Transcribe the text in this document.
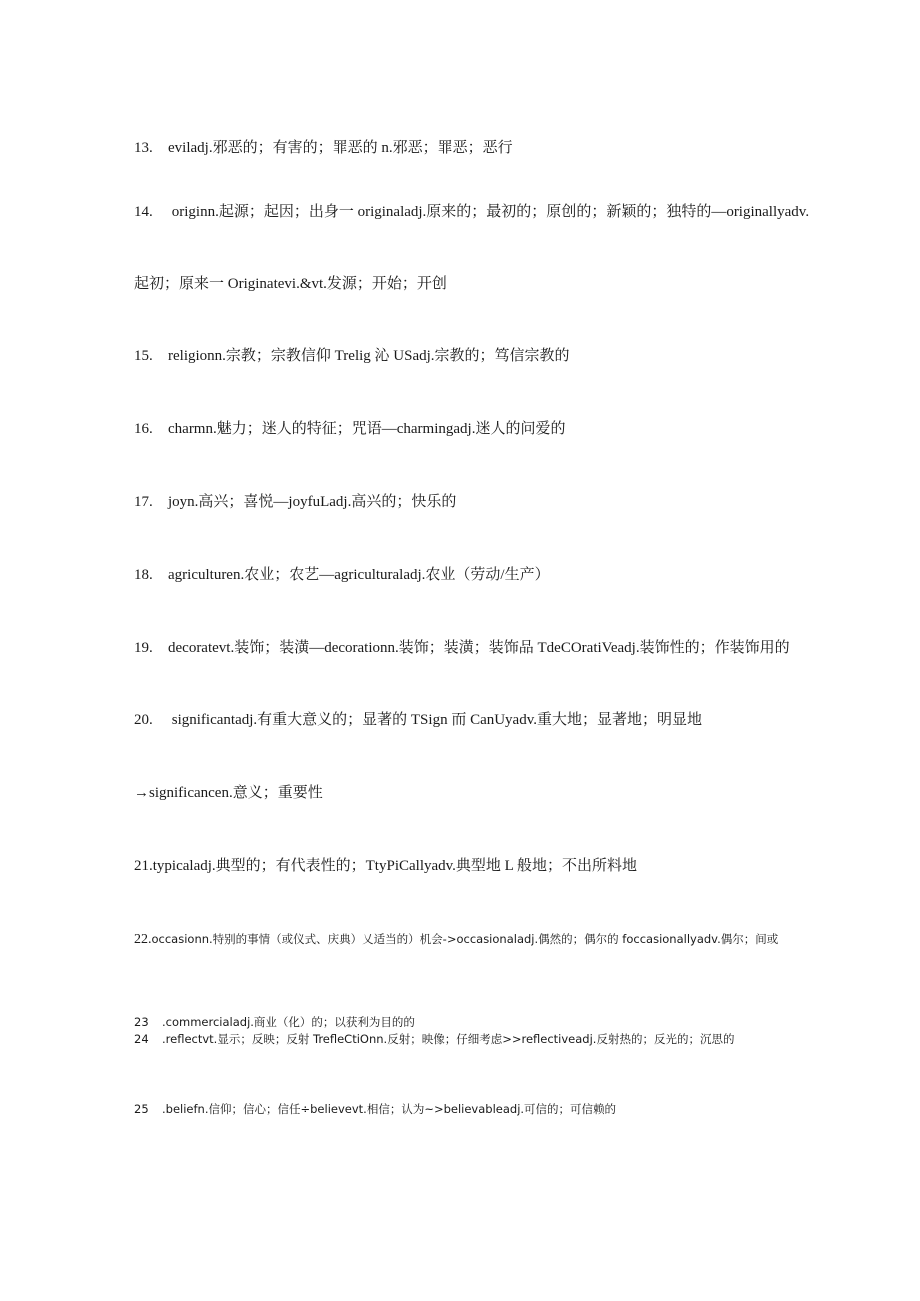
13. eviladj.邪恶的；有害的；罪恶的 n.邪恶；罪恶；恶行
14. originn.起源；起因；出身一 originaladj.原来的；最初的；原创的；新颖的；独特的—originallyadv.
起初；原来一 Originatevi.&vt.发源；开始；开创
15. religionn.宗教；宗教信仰 Trelig 沁 USadj.宗教的；笃信宗教的
16. charmn.魅力；迷人的特征；咒语—charmingadj.迷人的问爱的
17. joyn.高兴；喜悦—joyfuLadj.高兴的；快乐的
18. agriculturen.农业；农艺—agriculturaladj.农业（劳动/生产）
19. decoratevt.装饰；装潢—decorationn.装饰；装潢；装饰品 TdeCOratiVeadj.装饰性的；作装饰用的
20. significantadj.有重大意义的；显著的 TSign 而 CanUyadv.重大地；显著地；明显地
→significancen.意义；重要性
21.typicaladj.典型的；有代表性的；TtyPiCallyadv.典型地 L 般地；不出所料地
22.occasionn.特别的事情（或仪式、庆典）乂适当的）机会->occasionaladj.偶然的；偶尔的 foccasionallyadv.偶尔；间或
23 .commercialadj.商业（化）的；以获利为目的的
24 .reflectvt.显示；反映；反射 TrefleCtiOnn.反射；映像；仔细考虑>>reflectiveadj.反射热的；反光的；沉思的
25 .beliefn.信仰；信心；信任÷believevt.相信；认为~>believableadj.可信的；可信赖的
